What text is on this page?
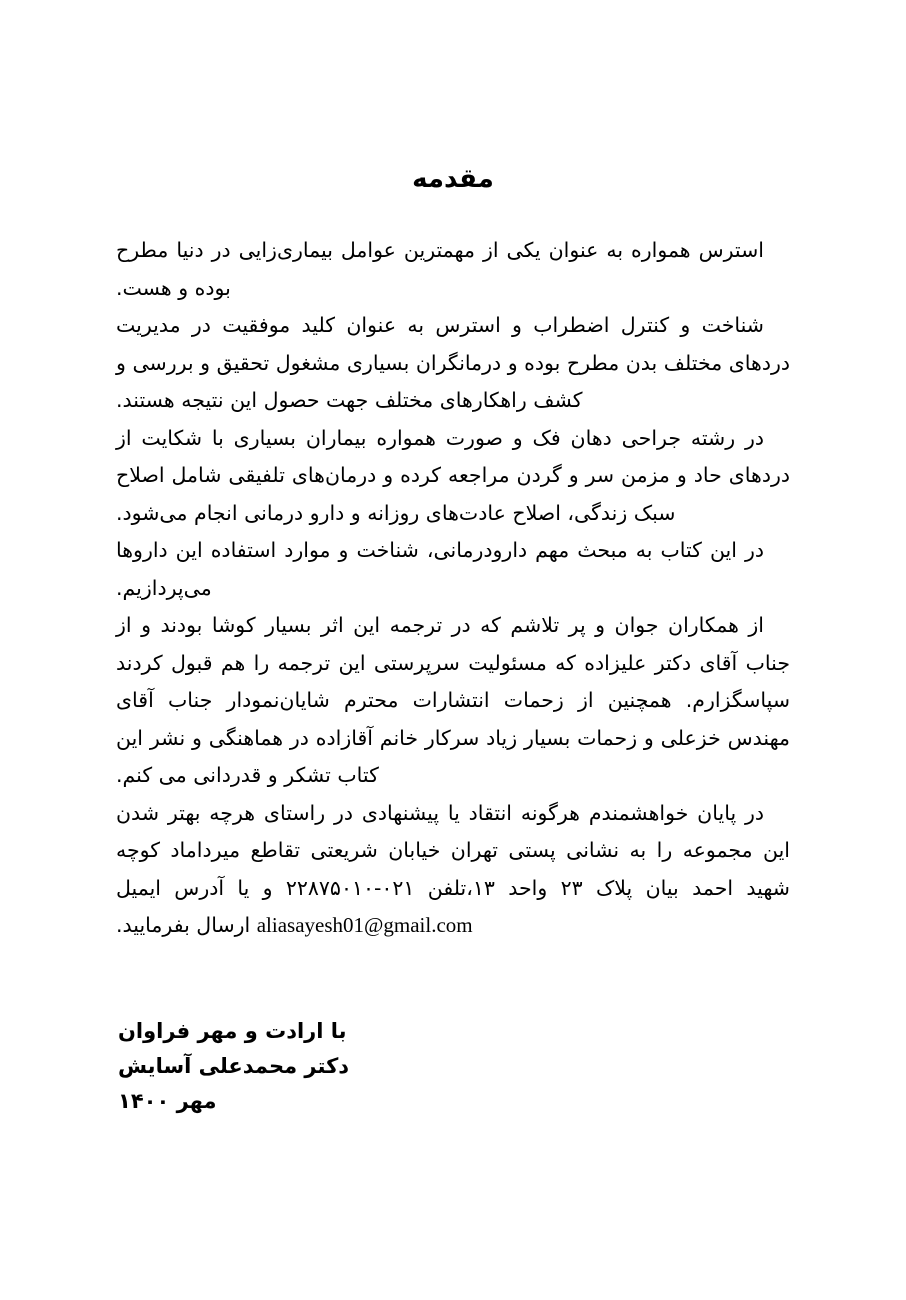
مقدمه

استرس همواره به عنوان یکی از مهمترین عوامل بیماری‌زایی در دنیا مطرح بوده و هست.

شناخت و کنترل اضطراب و استرس به عنوان کلید موفقیت در مدیریت دردهای مختلف بدن مطرح بوده و درمانگران بسیاری مشغول تحقیق و بررسی و کشف راهکارهای مختلف جهت حصول این نتیجه هستند.

در رشته جراحی دهان فک و صورت همواره بیماران بسیاری با شکایت از دردهای حاد و مزمن سر و گردن مراجعه کرده و درمان‌های تلفیقی شامل اصلاح سبک زندگی، اصلاح عادت‌های روزانه و دارو درمانی انجام می‌شود.

در این کتاب به مبحث مهم دارودرمانی، شناخت و موارد استفاده این داروها می‌پردازیم.

از همکاران جوان و پر تلاشم که در ترجمه این اثر بسیار کوشا بودند و از جناب آقای دکتر علیزاده که مسئولیت سرپرستی این ترجمه را هم قبول کردند سپاسگزارم. همچنین از زحمات انتشارات محترم شایان‌نمودار جناب آقای مهندس خزعلی و زحمات بسیار زیاد سرکار خانم آقازاده در هماهنگی و نشر این کتاب تشکر و قدردانی می کنم.

در پایان خواهشمندم هرگونه انتقاد یا پیشنهادی در راستای هرچه بهتر شدن این مجموعه را به نشانی پستی تهران خیابان شریعتی تقاطع میرداماد کوچه شهید احمد بیان پلاک ۲۳ واحد ۱۳،تلفن ۰۲۱-۲۲۸۷۵۰۱۰ و یا آدرس ایمیل aliasayesh01@gmail.com ارسال بفرمایید.

با ارادت و مهر فراوان
دکتر محمدعلی آسایش
مهر ۱۴۰۰
